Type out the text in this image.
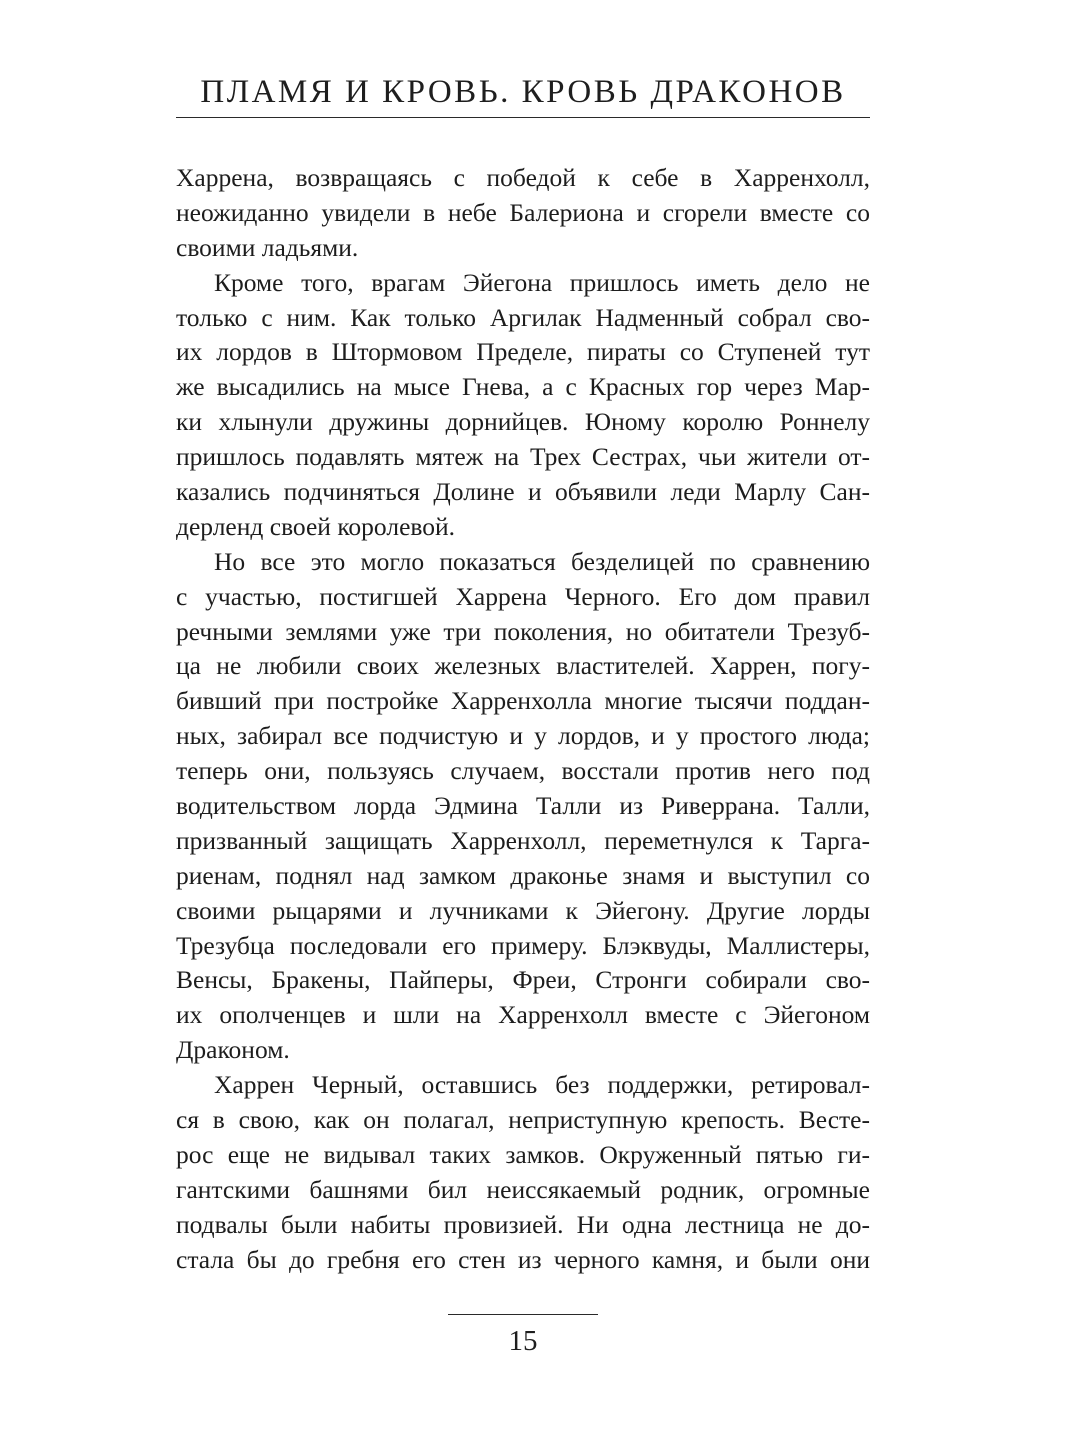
ПЛАМЯ И КРОВЬ. КРОВЬ ДРАКОНОВ
Харрена, возвращаясь с победой к себе в Харренхолл,
неожиданно увидели в небе Балериона и сгорели вместе со
своими ладьями.
Кроме того, врагам Эйегона пришлось иметь дело не
только с ним. Как только Аргилак Надменный собрал сво-
их лордов в Штормовом Пределе, пираты со Ступеней тут
же высадились на мысе Гнева, а с Красных гор через Мар-
ки хлынули дружины дорнийцев. Юному королю Роннелу
пришлось подавлять мятеж на Трех Сестрах, чьи жители от-
казались подчиняться Долине и объявили леди Марлу Сан-
дерленд своей королевой.
Но все это могло показаться безделицей по сравнению
с участью, постигшей Харрена Черного. Его дом правил
речными землями уже три поколения, но обитатели Трезуб-
ца не любили своих железных властителей. Харрен, погу-
бивший при постройке Харренхолла многие тысячи поддан-
ных, забирал все подчистую и у лордов, и у простого люда;
теперь они, пользуясь случаем, восстали против него под
водительством лорда Эдмина Талли из Риверрана. Талли,
призванный защищать Харренхолл, переметнулся к Тарга-
риенам, поднял над замком драконье знамя и выступил со
своими рыцарями и лучниками к Эйегону. Другие лорды
Трезубца последовали его примеру. Блэквуды, Маллистеры,
Венсы, Бракены, Пайперы, Фреи, Стронги собирали сво-
их ополченцев и шли на Харренхолл вместе с Эйегоном
Драконом.
Харрен Черный, оставшись без поддержки, ретировал-
ся в свою, как он полагал, неприступную крепость. Весте-
рос еще не видывал таких замков. Окруженный пятью ги-
гантскими башнями бил неиссякаемый родник, огромные
подвалы были набиты провизией. Ни одна лестница не до-
стала бы до гребня его стен из черного камня, и были они
15
